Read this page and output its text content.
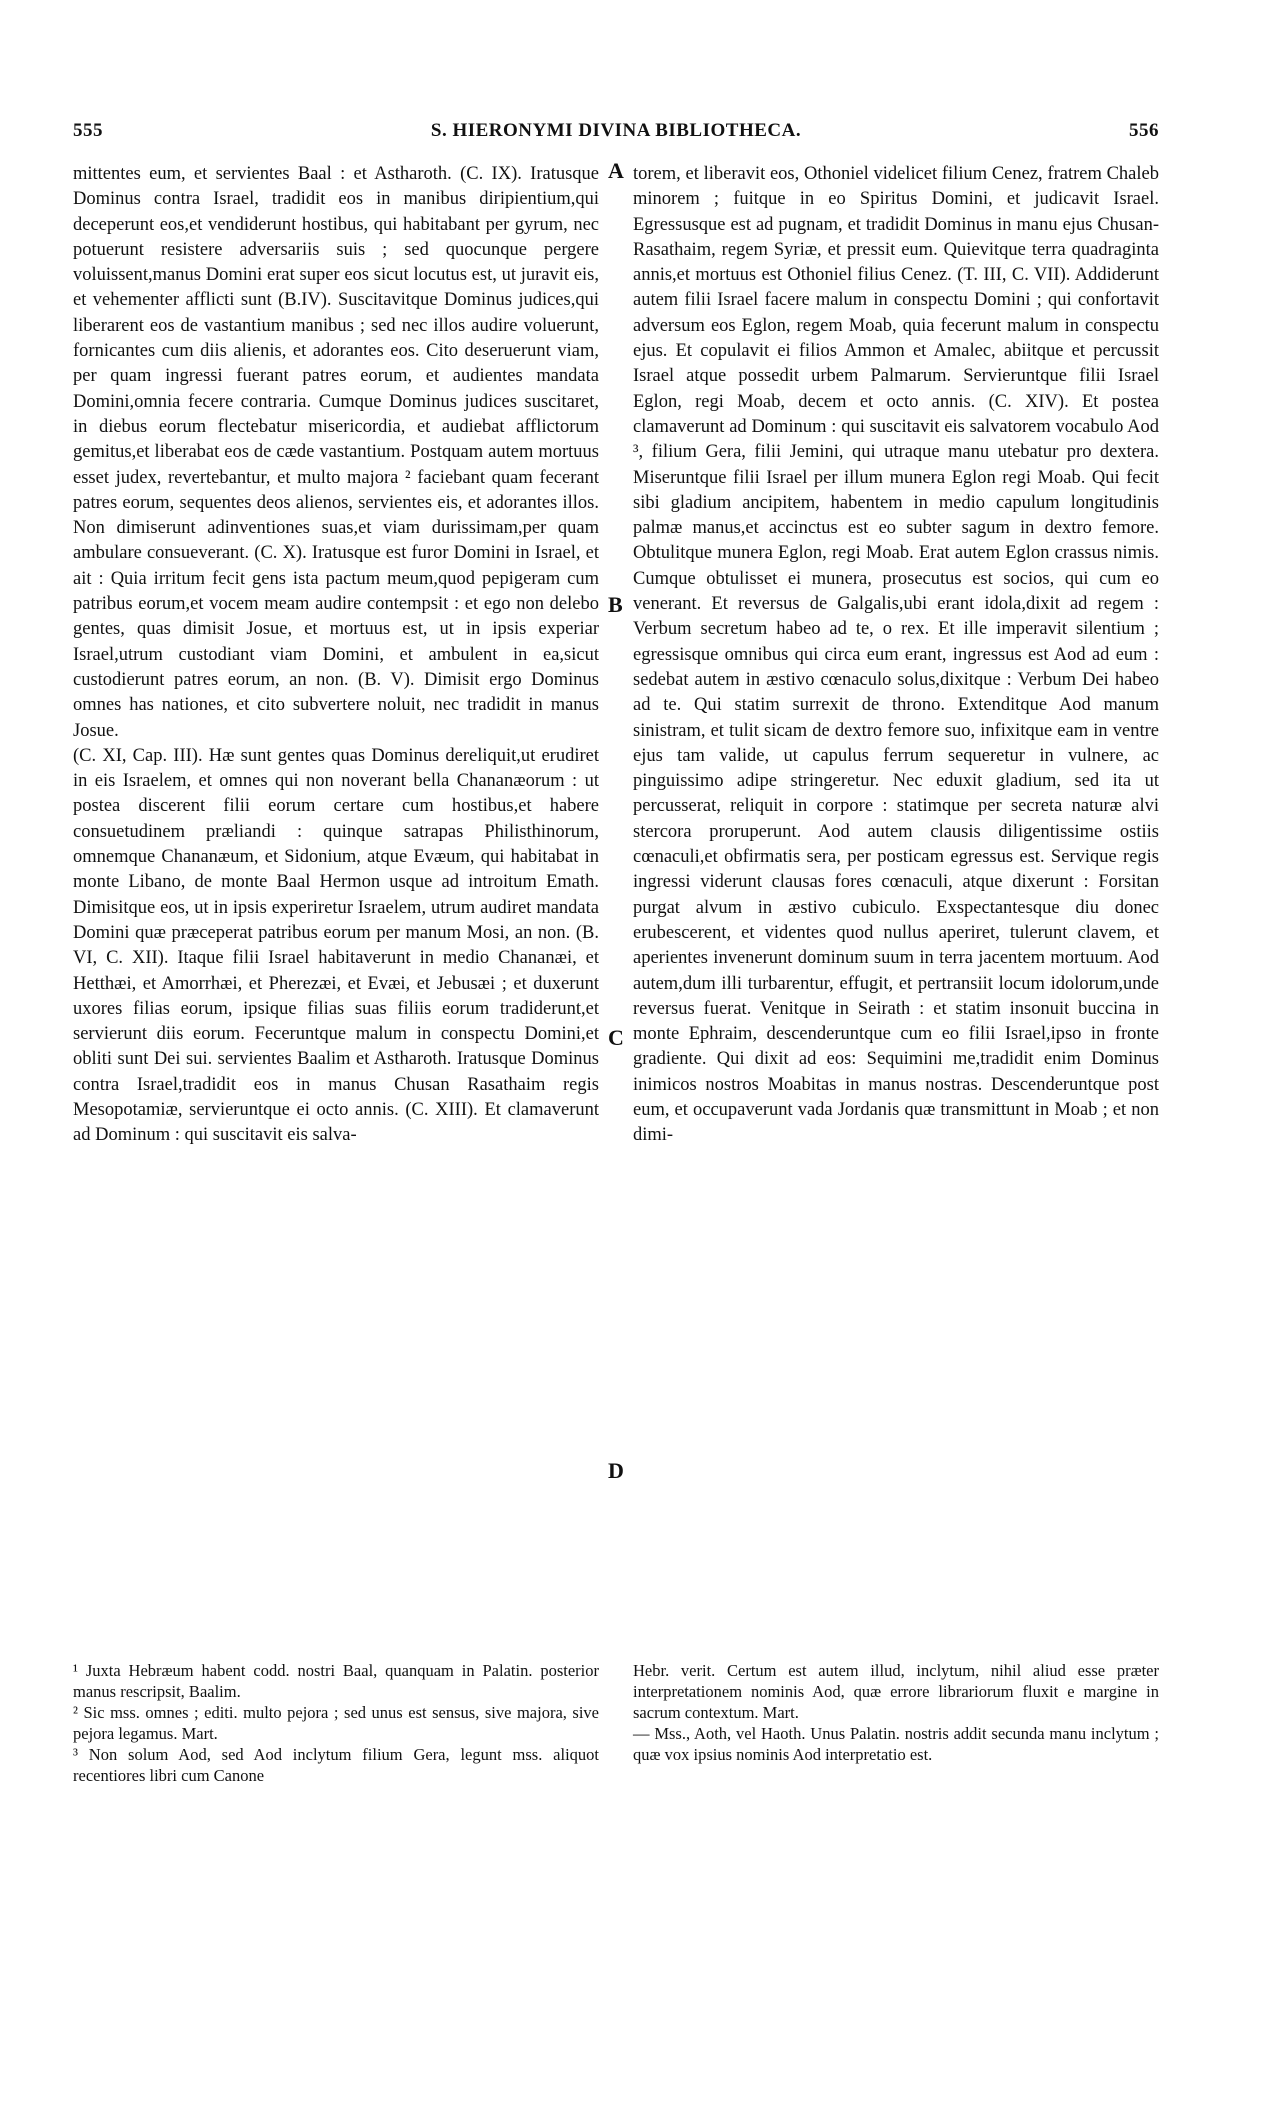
555	S. HIERONYMI DIVINA BIBLIOTHECA.	556

mittentes eum, et servientes Baal : et Astharoth. (C. IX). Iratusque Dominus contra Israel, tradidit eos in manibus diripientium,qui deceperunt eos,et vendiderunt hostibus, qui habitabant per gyrum, nec potuerunt resistere adversariis suis ; sed quocunque pergere voluissent,manus Domini erat super eos sicut locutus est, ut juravit eis, et vehementer afflicti sunt (B.IV). Suscitavitque Dominus judices,qui liberarent eos de vastantium manibus ; sed nec illos audire voluerunt, fornicantes cum diis alienis, et adorantes eos. Cito deseruerunt viam, per quam ingressi fuerant patres eorum, et audientes mandata Domini,omnia fecere contraria. Cumque Dominus judices suscitaret, in diebus eorum flectebatur misericordia, et audiebat afflictorum gemitus,et liberabat eos de cæde vastantium. Postquam autem mortuus esset judex, revertebantur, et multo majora ² faciebant quam fecerant patres eorum, sequentes deos alienos, servientes eis, et adorantes illos. Non dimiserunt adinventiones suas,et viam durissimam,per quam ambulare consueverant. (C. X). Iratusque est furor Domini in Israel, et ait : Quia irritum fecit gens ista pactum meum,quod pepigeram cum patribus eorum,et vocem meam audire contempsit : et ego non delebo gentes, quas dimisit Josue, et mortuus est, ut in ipsis experiar Israel,utrum custodiant viam Domini, et ambulent in ea,sicut custodierunt patres eorum, an non. (B. V). Dimisit ergo Dominus omnes has nationes, et cito subvertere noluit, nec tradidit in manus Josue.

(C. XI, Cap. III). Hæ sunt gentes quas Dominus dereliquit,ut erudiret in eis Israelem, et omnes qui non noverant bella Chananæorum : ut postea discerent filii eorum certare cum hostibus,et habere consuetudinem præliandi : quinque satrapas Philisthinorum, omnemque Chananæum, et Sidonium, atque Evæum, qui habitabat in monte Libano, de monte Baal Hermon usque ad introitum Emath. Dimisitque eos, ut in ipsis experiretur Israelem, utrum audiret mandata Domini quæ præceperat patribus eorum per manum Mosi, an non. (B. VI, C. XII). Itaque filii Israel habitaverunt in medio Chananæi, et Hetthæi, et Amorrhæi, et Pherezæi, et Evæi, et Jebusæi ; et duxerunt uxores filias eorum, ipsique filias suas filiis eorum tradiderunt,et servierunt diis eorum. Feceruntque malum in conspectu Domini,et obliti sunt Dei sui. servientes Baalim et Astharoth. Iratusque Dominus contra Israel,tradidit eos in manus Chusan Rasathaim regis Mesopotamiæ, servieruntque ei octo annis. (C. XIII). Et clamaverunt ad Dominum : qui suscitavit eis salva-

A
B
C
D

torem, et liberavit eos, Othoniel videlicet filium Cenez, fratrem Chaleb minorem ; fuitque in eo Spiritus Domini, et judicavit Israel. Egressusque est ad pugnam, et tradidit Dominus in manu ejus Chusan-Rasathaim, regem Syriæ, et pressit eum. Quievitque terra quadraginta annis,et mortuus est Othoniel filius Cenez. (T. III, C. VII). Addiderunt autem filii Israel facere malum in conspectu Domini ; qui confortavit adversum eos Eglon, regem Moab, quia fecerunt malum in conspectu ejus. Et copulavit ei filios Ammon et Amalec, abiitque et percussit Israel atque possedit urbem Palmarum. Servieruntque filii Israel Eglon, regi Moab, decem et octo annis. (C. XIV). Et postea clamaverunt ad Dominum : qui suscitavit eis salvatorem vocabulo Aod ³, filium Gera, filii Jemini, qui utraque manu utebatur pro dextera. Miseruntque filii Israel per illum munera Eglon regi Moab. Qui fecit sibi gladium ancipitem, habentem in medio capulum longitudinis palmæ manus,et accinctus est eo subter sagum in dextro femore. Obtulitque munera Eglon, regi Moab. Erat autem Eglon crassus nimis. Cumque obtulisset ei munera, prosecutus est socios, qui cum eo venerant. Et reversus de Galgalis,ubi erant idola,dixit ad regem : Verbum secretum habeo ad te, o rex. Et ille imperavit silentium ; egressisque omnibus qui circa eum erant, ingressus est Aod ad eum : sedebat autem in æstivo cœnaculo solus,dixitque : Verbum Dei habeo ad te. Qui statim surrexit de throno. Extenditque Aod manum sinistram, et tulit sicam de dextro femore suo, infixitque eam in ventre ejus tam valide, ut capulus ferrum sequeretur in vulnere, ac pinguissimo adipe stringeretur. Nec eduxit gladium, sed ita ut percusserat, reliquit in corpore : statimque per secreta naturæ alvi stercora proruperunt. Aod autem clausis diligentissime ostiis cœnaculi,et obfirmatis sera, per posticam egressus est. Servique regis ingressi viderunt clausas fores cœnaculi, atque dixerunt : Forsitan purgat alvum in æstivo cubiculo. Exspectantesque diu donec erubescerent, et videntes quod nullus aperiret, tulerunt clavem, et aperientes invenerunt dominum suum in terra jacentem mortuum. Aod autem,dum illi turbarentur, effugit, et pertransiit locum idolorum,unde reversus fuerat. Venitque in Seirath : et statim insonuit buccina in monte Ephraim, descenderuntque cum eo filii Israel,ipso in fronte gradiente. Qui dixit ad eos: Sequimini me,tradidit enim Dominus inimicos nostros Moabitas in manus nostras. Descenderuntque post eum, et occupaverunt vada Jordanis quæ transmittunt in Moab ; et non dimi-

¹ Juxta Hebræum habent codd. nostri Baal, quanquam in Palatin. posterior manus rescripsit, Baalim.

² Sic mss. omnes ; editi. multo pejora ; sed unus est sensus, sive majora, sive pejora legamus. Mart.

³ Non solum Aod, sed Aod inclytum filium Gera, legunt mss. aliquot recentiores libri cum Canone

Hebr. verit. Certum est autem illud, inclytum, nihil aliud esse præter interpretationem nominis Aod, quæ errore librariorum fluxit e margine in sacrum contextum. Mart.

— Mss., Aoth, vel Haoth. Unus Palatin. nostris addit secunda manu inclytum ; quæ vox ipsius nominis Aod interpretatio est.
